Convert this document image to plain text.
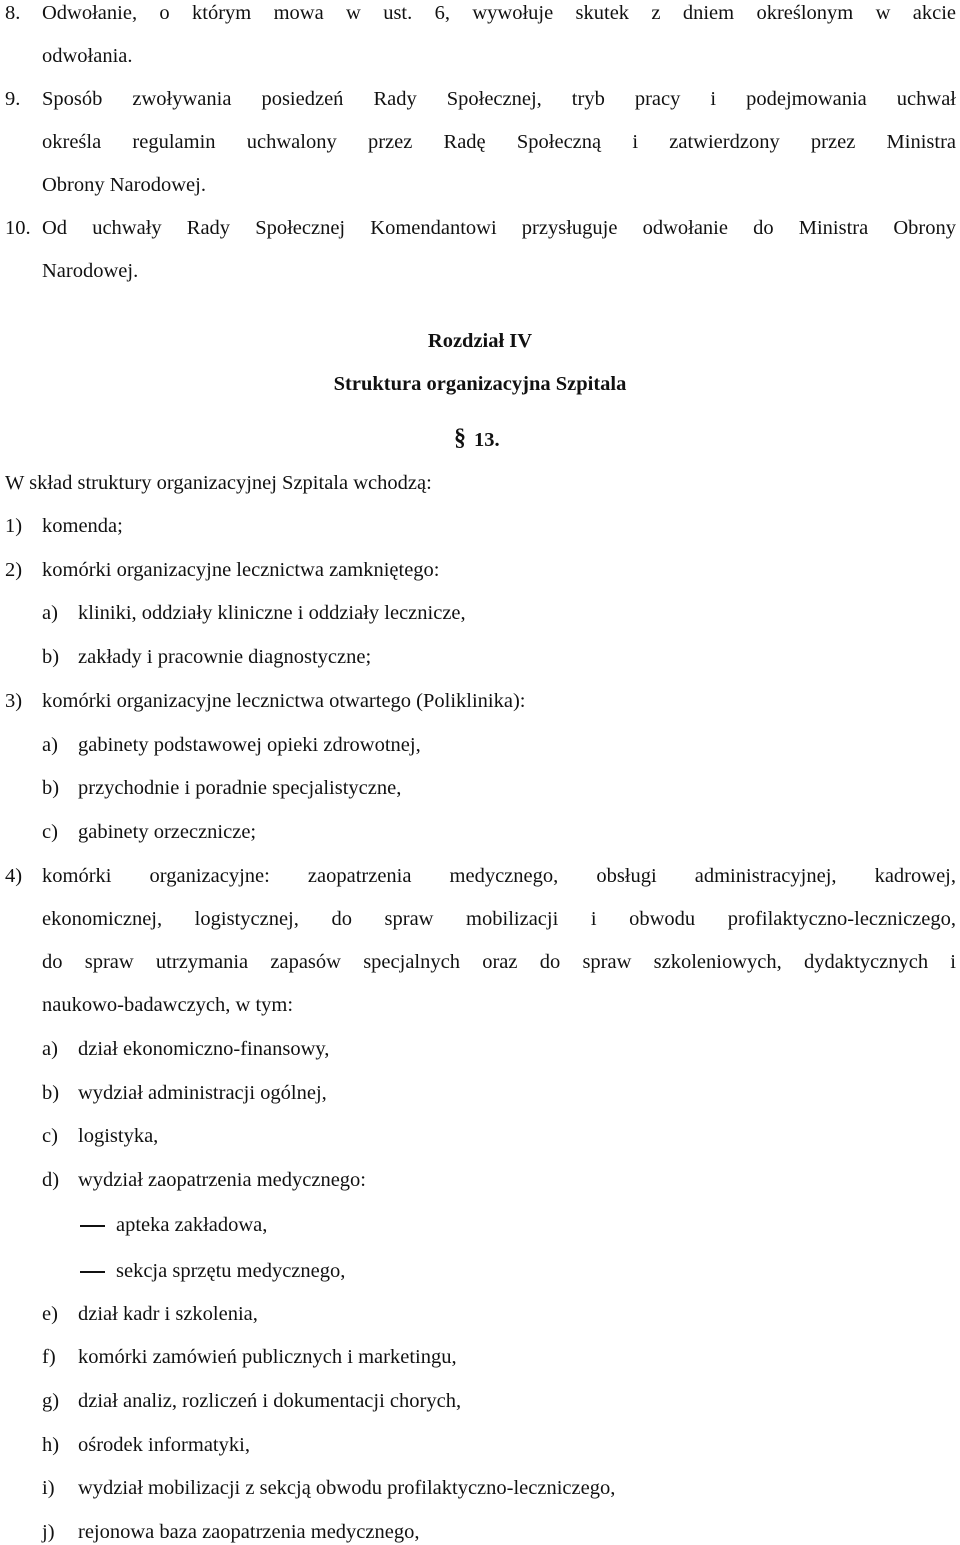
8. Odwołanie, o którym mowa w ust. 6, wywołuje skutek z dniem określonym w akcie
odwołania.
9. Sposób zwoływania posiedzeń Rady Społecznej, tryb pracy i podejmowania uchwał
określa regulamin uchwalony przez Radę Społeczną i zatwierdzony przez Ministra
Obrony Narodowej.
10. Od uchwały Rady Społecznej Komendantowi przysługuje odwołanie do Ministra Obrony
Narodowej.
Rozdział IV
Struktura organizacyjna Szpitala
§ 13.
W skład struktury organizacyjnej Szpitala wchodzą:
1) komenda;
2) komórki organizacyjne lecznictwa zamkniętego:
a) kliniki, oddziały kliniczne i oddziały lecznicze,
b) zakłady i pracownie diagnostyczne;
3) komórki organizacyjne lecznictwa otwartego (Poliklinika):
a) gabinety podstawowej opieki zdrowotnej,
b) przychodnie i poradnie specjalistyczne,
c) gabinety orzecznicze;
4) komórki organizacyjne: zaopatrzenia medycznego, obsługi administracyjnej, kadrowej,
ekonomicznej, logistycznej, do spraw mobilizacji i obwodu profilaktyczno-leczniczego,
do spraw utrzymania zapasów specjalnych oraz do spraw szkoleniowych, dydaktycznych i
naukowo-badawczych, w tym:
a) dział ekonomiczno-finansowy,
b) wydział administracji ogólnej,
c) logistyka,
d) wydział zaopatrzenia medycznego:
apteka zakładowa,
sekcja sprzętu medycznego,
e) dział kadr i szkolenia,
f) komórki zamówień publicznych i marketingu,
g) dział analiz, rozliczeń i dokumentacji chorych,
h) ośrodek informatyki,
i) wydział mobilizacji z sekcją obwodu profilaktyczno-leczniczego,
j) rejonowa baza zaopatrzenia medycznego,
